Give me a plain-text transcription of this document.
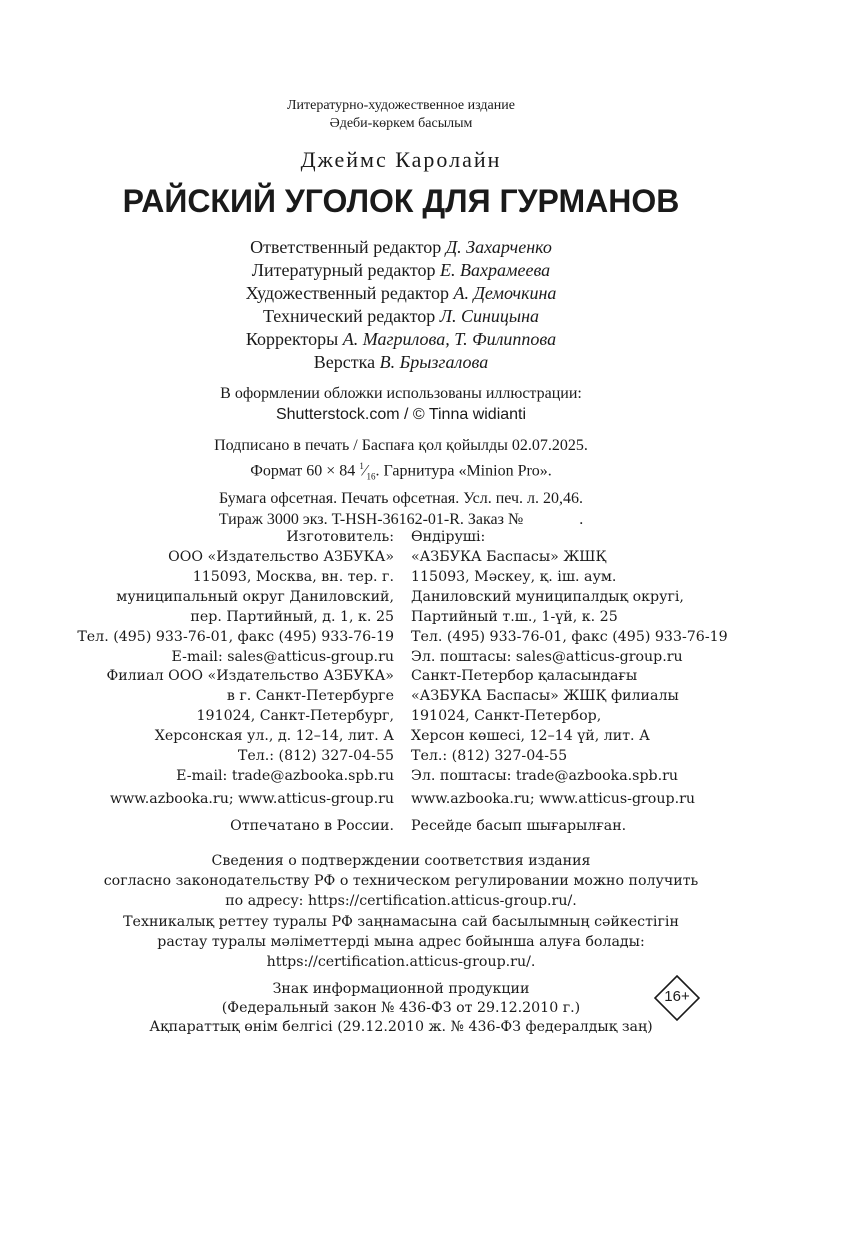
Литературно-художественное издание
Әдеби-көркем басылым
Джеймс Каролайн
РАЙСКИЙ УГОЛОК ДЛЯ ГУРМАНОВ
Ответственный редактор Д. Захарченко
Литературный редактор Е. Вахрамеева
Художественный редактор А. Демочкина
Технический редактор Л. Синицына
Корректоры А. Магрилова, Т. Филиппова
Верстка В. Брызгалова
В оформлении обложки использованы иллюстрации:
Shutterstock.com / © Tinna widianti
Подписано в печать / Баспаға қол қойылды 02.07.2025.
Формат 60 × 84 $^1⁄_{16}$. Гарнитура «Minion Pro».
Бумага офсетная. Печать офсетная. Усл. печ. л. 20,46.
Тираж 3000 экз. T-HSH-36162-01-R. Заказ №	.
Изготовитель:
ООО «Издательство АЗБУКА»
115093, Москва, вн. тер. г.
муниципальный округ Даниловский,
пер. Партийный, д. 1, к. 25
Тел. (495) 933-76-01, факс (495) 933-76-19
E-mail: sales@atticus-group.ru
Өндіруші:
«АЗБУКА Баспасы» ЖШҚ
115093, Мәскеу, қ. іш. аум.
Даниловский муниципалдық округі,
Партийный т.ш., 1-үй, к. 25
Тел. (495) 933-76-01, факс (495) 933-76-19
Эл. поштасы: sales@atticus-group.ru
Филиал ООО «Издательство АЗБУКА»
в г. Санкт-Петербурге
191024, Санкт-Петербург,
Херсонская ул., д. 12–14, лит. А
Тел.: (812) 327-04-55
E-mail: trade@azbooka.spb.ru
Санкт-Петербор қаласындағы
«АЗБУКА Баспасы» ЖШҚ филиалы
191024, Санкт-Петербор,
Херсон көшесі, 12–14 үй, лит. А
Тел.: (812) 327-04-55
Эл. поштасы: trade@azbooka.spb.ru
www.azbooka.ru; www.atticus-group.ru www.azbooka.ru; www.atticus-group.ru
Отпечатано в России. Ресейде басып шығарылған.
Сведения о подтверждении соответствия издания
согласно законодательству РФ о техническом регулировании можно получить
по адресу: https://certification.atticus-group.ru/.
Техникалық реттеу туралы РФ заңнамасына сай басылымның сәйкестігін
растау туралы мәліметтерді мына адрес бойынша алуға болады:
https://certification.atticus-group.ru/.
Знак информационной продукции
(Федеральный закон № 436-ФЗ от 29.12.2010 г.)
Ақпараттық өнім белгісі (29.12.2010 ж. № 436-ФЗ федералдық заң)
16+
